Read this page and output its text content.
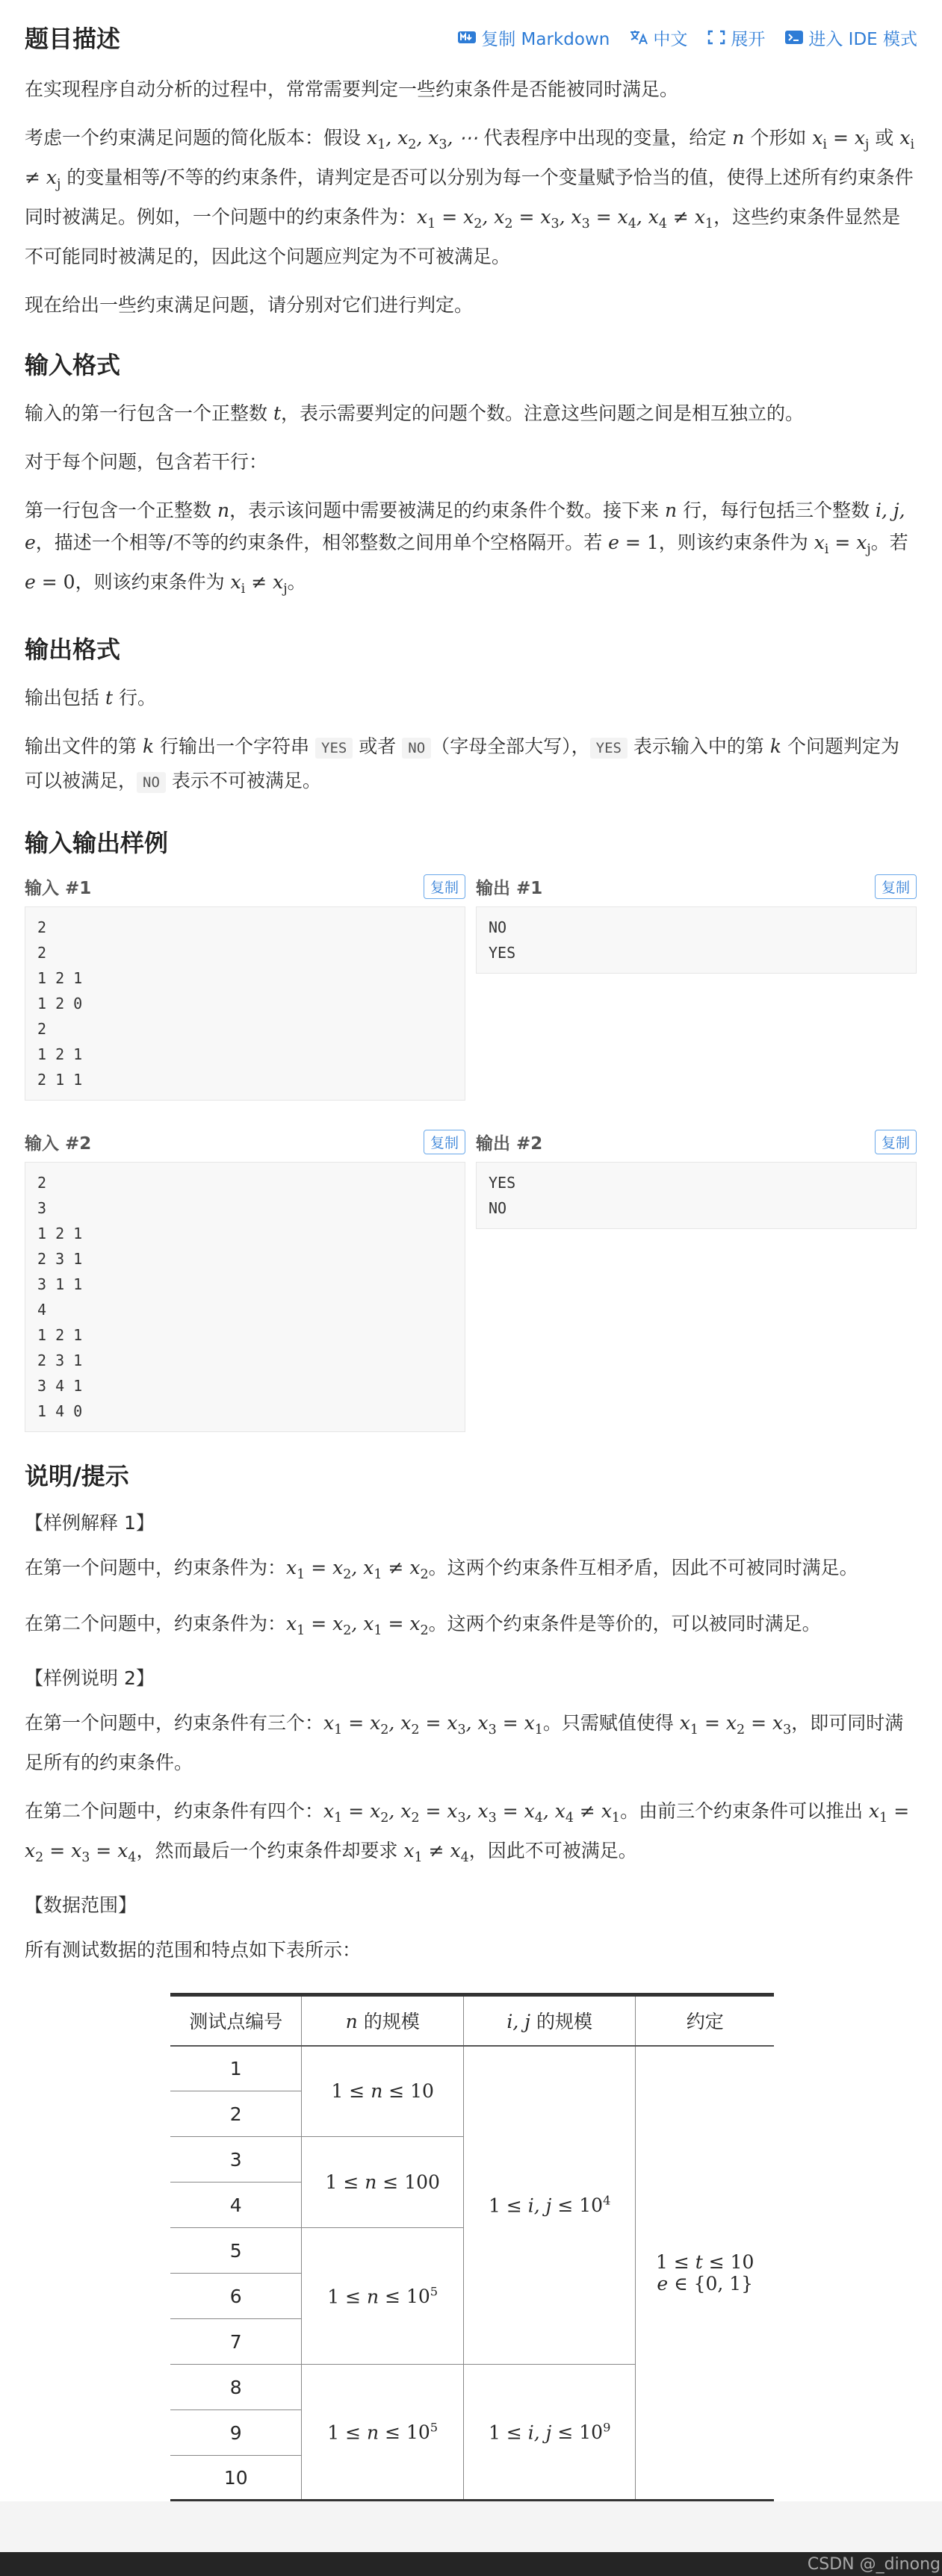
题目描述	复制 Markdown	中文	展开	进入 IDE 模式

在实现程序自动分析的过程中，常常需要判定一些约束条件是否能被同时满足。

考虑一个约束满足问题的简化版本：假设 $x_1$, $x_2$, $x_3$, ⋯ 代表程序中出现的变量，给定 n 个形如 $x_i = x_j$ 或 $x_i \ne x_j$ 的变量相等/不等的约束条件，请判定是否可以分别为每一个变量赋予恰当的值，使得上述所有约束条件同时被满足。例如，一个问题中的约束条件为：$x_1 = x_2$, $x_2 = x_3$, $x_3 = x_4$, $x_4 \ne x_1$，这些约束条件显然是不可能同时被满足的，因此这个问题应判定为不可被满足。

现在给出一些约束满足问题，请分别对它们进行判定。

输入格式

输入的第一行包含一个正整数 t，表示需要判定的问题个数。注意这些问题之间是相互独立的。

对于每个问题，包含若干行：

第一行包含一个正整数 n，表示该问题中需要被满足的约束条件个数。接下来 n 行，每行包括三个整数 i, j, e，描述一个相等/不等的约束条件，相邻整数之间用单个空格隔开。若 e = 1，则该约束条件为 $x_i = x_j$。若 e = 0，则该约束条件为 $x_i \ne x_j$。

输出格式

输出包括 t 行。

输出文件的第 k 行输出一个字符串 YES 或者 NO （字母全部大写）， YES 表示输入中的第 k 个问题判定为可以被满足， NO 表示不可被满足。

输入输出样例
输入 #1	复制
2
2
1 2 1
1 2 0
2
1 2 1
2 1 1
输出 #1	复制
NO
YES
输入 #2	复制
2
3
1 2 1
2 3 1
3 1 1
4
1 2 1
2 3 1
3 4 1
1 4 0
输出 #2	复制
YES
NO
说明/提示
【样例解释 1】

在第一个问题中，约束条件为：$x_1 = x_2$, $x_1 \ne x_2$。这两个约束条件互相矛盾，因此不可被同时满足。

在第二个问题中，约束条件为：$x_1 = x_2$, $x_1 = x_2$。这两个约束条件是等价的，可以被同时满足。

【样例说明 2】

在第一个问题中，约束条件有三个：$x_1 = x_2$, $x_2 = x_3$, $x_3 = x_1$。只需赋值使得 $x_1 = x_2 = x_3$，即可同时满足所有的约束条件。

在第二个问题中，约束条件有四个：$x_1 = x_2$, $x_2 = x_3$, $x_3 = x_4$, $x_4 \ne x_1$。由前三个约束条件可以推出 $x_1 = x_2 = x_3 = x_4$，然而最后一个约束条件却要求 $x_1 \ne x_4$，因此不可被满足。

【数据范围】

所有测试数据的范围和特点如下表所示：

测试点编号	n 的规模	i, j 的规模	约定
1	1 ≤ n ≤ 10	1 ≤ i, $j \le 10^4$	1 ≤ t ≤ 10
e ∈ {0, 1}
2			
3	1 ≤ n ≤ 100		
4			
5	$1 \le n \le 10^5$
6			
7			
8	$1 \le n \le 10^5$	1 ≤ i, $j \le 10^9$
9			
10			
CSDN @_dinong
